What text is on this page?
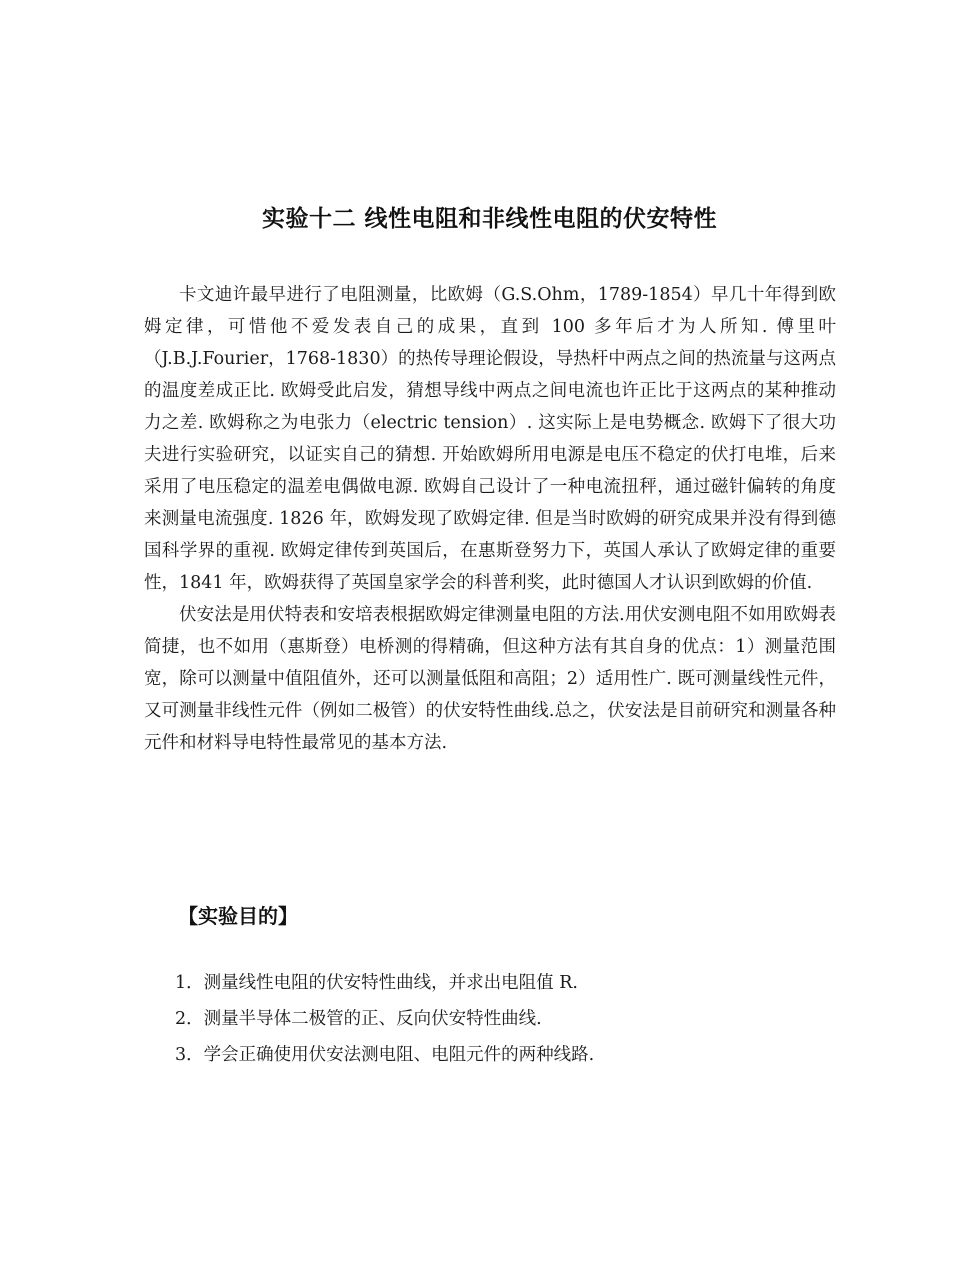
实验十二 线性电阻和非线性电阻的伏安特性

卡文迪许最早进行了电阻测量，比欧姆（G.S.Ohm，1789-1854）早几十年得到欧姆定律，可惜他不爱发表自己的成果，直到 100 多年后才为人所知. 傅里叶（J.B.J.Fourier，1768-1830）的热传导理论假设，导热杆中两点之间的热流量与这两点的温度差成正比. 欧姆受此启发，猜想导线中两点之间电流也许正比于这两点的某种推动力之差. 欧姆称之为电张力（electric tension）. 这实际上是电势概念. 欧姆下了很大功夫进行实验研究，以证实自己的猜想. 开始欧姆所用电源是电压不稳定的伏打电堆，后来采用了电压稳定的温差电偶做电源. 欧姆自己设计了一种电流扭秤，通过磁针偏转的角度来测量电流强度. 1826 年，欧姆发现了欧姆定律. 但是当时欧姆的研究成果并没有得到德国科学界的重视. 欧姆定律传到英国后，在惠斯登努力下，英国人承认了欧姆定律的重要性，1841 年，欧姆获得了英国皇家学会的科普利奖，此时德国人才认识到欧姆的价值.

伏安法是用伏特表和安培表根据欧姆定律测量电阻的方法.用伏安测电阻不如用欧姆表简捷，也不如用（惠斯登）电桥测的得精确，但这种方法有其自身的优点：1）测量范围宽，除可以测量中值阻值外，还可以测量低阻和高阻；2）适用性广. 既可测量线性元件，又可测量非线性元件（例如二极管）的伏安特性曲线.总之，伏安法是目前研究和测量各种元件和材料导电特性最常见的基本方法.

【实验目的】
1．测量线性电阻的伏安特性曲线，并求出电阻值 R.
2．测量半导体二极管的正、反向伏安特性曲线.
3．学会正确使用伏安法测电阻、电阻元件的两种线路.
